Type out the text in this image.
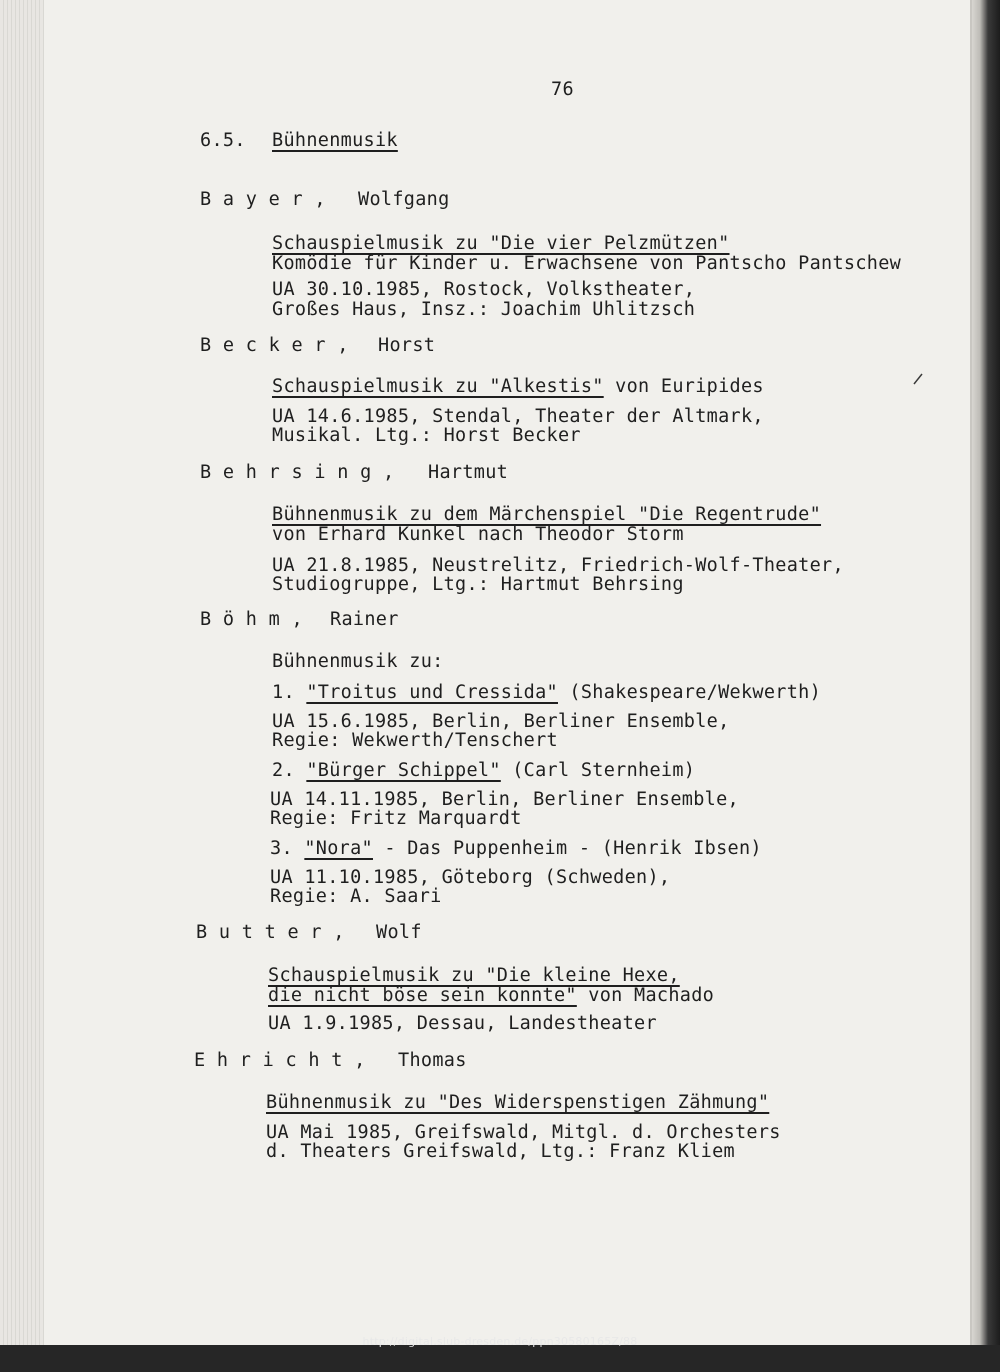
76
6.5. Bühnenmusik
B a y e r , Wolfgang
Schauspielmusik zu "Die vier Pelzmützen"
Komödie für Kinder u. Erwachsene von Pantscho Pantschew
UA 30.10.1985, Rostock, Volkstheater,
Großes Haus, Insz.: Joachim Uhlitzsch
B e c k e r , Horst
Schauspielmusik zu "Alkestis" von Euripides
UA 14.6.1985, Stendal, Theater der Altmark,
Musikal. Ltg.: Horst Becker
B e h r s i n g , Hartmut
Bühnenmusik zu dem Märchenspiel "Die Regentrude"
von Erhard Kunkel nach Theodor Storm
UA 21.8.1985, Neustrelitz, Friedrich-Wolf-Theater,
Studiogruppe, Ltg.: Hartmut Behrsing
B ö h m , Rainer
Bühnenmusik zu:
1. "Troitus und Cressida" (Shakespeare/Wekwerth)
UA 15.6.1985, Berlin, Berliner Ensemble,
Regie: Wekwerth/Tenschert
2. "Bürger Schippel" (Carl Sternheim)
UA 14.11.1985, Berlin, Berliner Ensemble,
Regie: Fritz Marquardt
3. "Nora" - Das Puppenheim - (Henrik Ibsen)
UA 11.10.1985, Göteborg (Schweden),
Regie: A. Saari
B u t t e r , Wolf
Schauspielmusik zu "Die kleine Hexe,
die nicht böse sein konnte" von Machado
UA 1.9.1985, Dessau, Landestheater
E h r i c h t , Thomas
Bühnenmusik zu "Des Widerspenstigen Zähmung"
UA Mai 1985, Greifswald, Mitgl. d. Orchesters
d. Theaters Greifswald, Ltg.: Franz Kliem
http://digital.slub-dresden.de/ppn30580165Z/88
